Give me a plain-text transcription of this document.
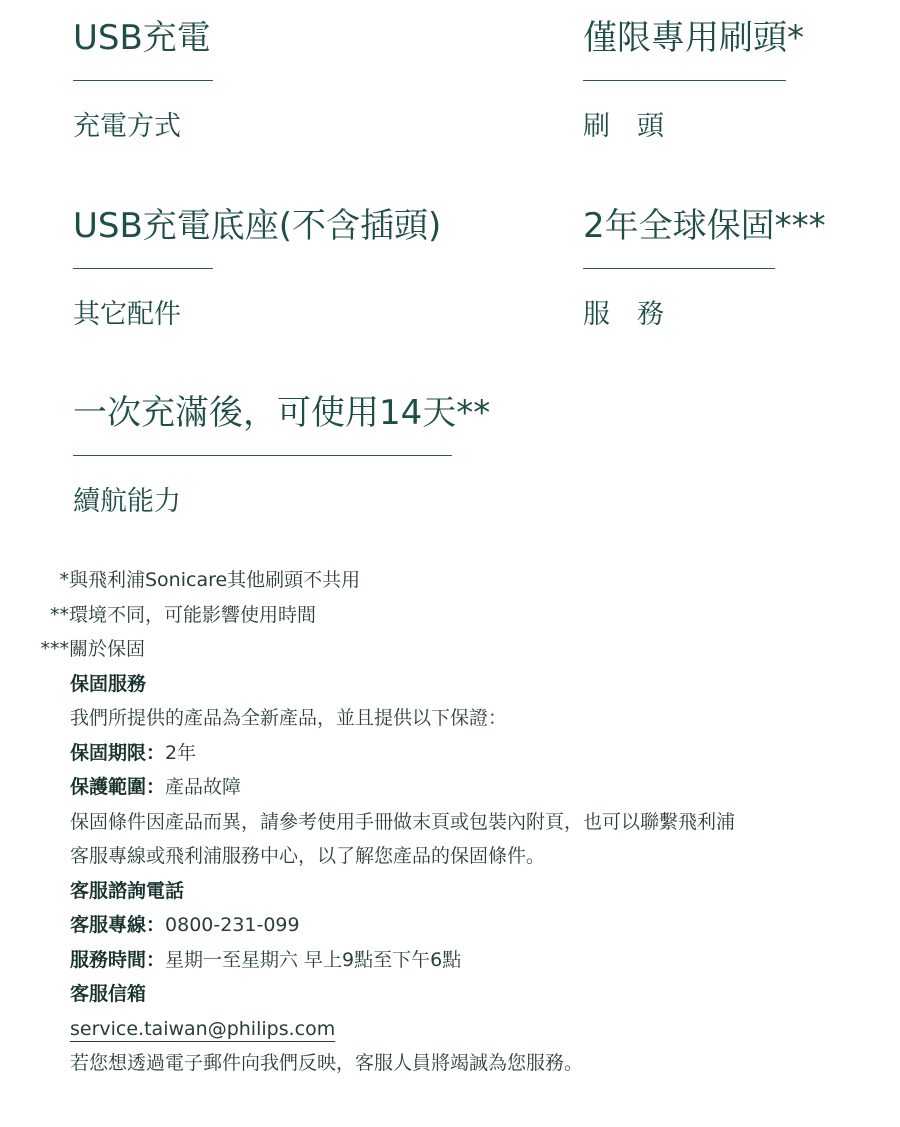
USB充電
充電方式
僅限專用刷頭*
刷　頭
USB充電底座(不含插頭)
其它配件
2年全球保固***
服　務
一次充滿後，可使用14天**
續航能力
*與飛利浦Sonicare其他刷頭不共用
**環境不同，可能影響使用時間
***關於保固
保固服務
我們所提供的產品為全新產品，並且提供以下保證：
保固期限：2年
保護範圍：產品故障
保固條件因產品而異，請參考使用手冊做末頁或包裝內附頁，也可以聯繫飛利浦
客服專線或飛利浦服務中心，以了解您產品的保固條件。
客服諮詢電話
客服專線：0800-231-099
服務時間：星期一至星期六 早上9點至下午6點
客服信箱
service.taiwan@philips.com
若您想透過電子郵件向我們反映，客服人員將竭誠為您服務。
